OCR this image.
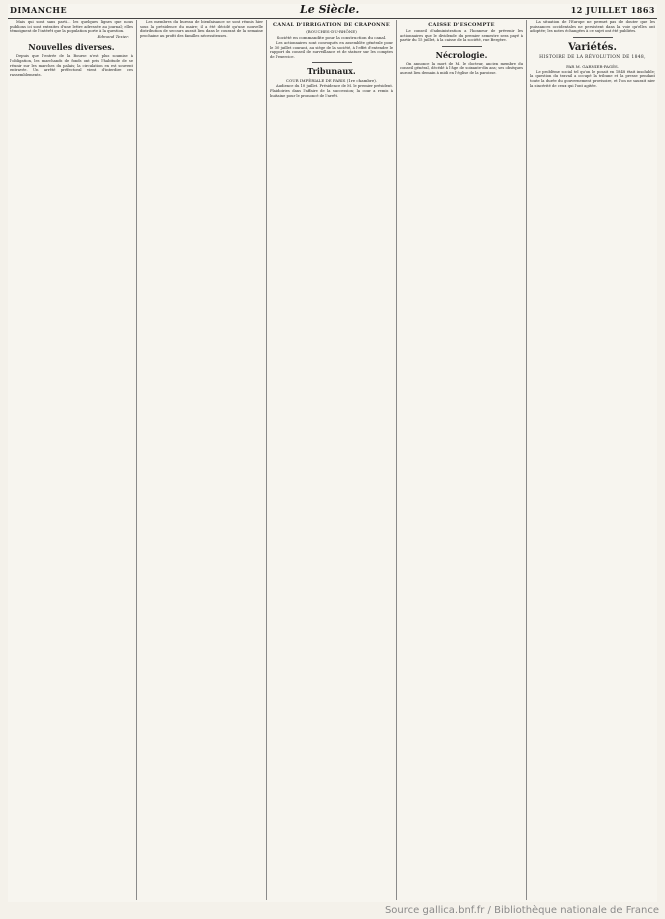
DIMANCHE	Le Siècle.	12 JUILLET 1863

Mais qui sont sans parti... les quelques lignes que nous publions ici sont extraites d'une lettre adressée au journal; elles témoignent de l'intérêt que la population porte à la question.

Edmond Texier.
Nouvelles diverses.

Depuis que l'entrée de la Bourse n'est plus soumise à l'obligation, les marchands de fonds ont pris l'habitude de se réunir sur les marches du palais; la circulation en est souvent entravée. Un arrêté préfectoral vient d'interdire ces rassemblements.

Les membres du bureau de bienfaisance se sont réunis hier sous la présidence du maire; il a été décidé qu'une nouvelle distribution de secours aurait lieu dans le courant de la semaine prochaine au profit des familles nécessiteuses.

CANAL D'IRRIGATION DE CRAPONNE
(BOUCHES-DU-RHÔNE)
Société en commandite pour la construction du canal.

Les actionnaires sont convoqués en assemblée générale pour le 30 juillet courant, au siège de la société, à l'effet d'entendre le rapport du conseil de surveillance et de statuer sur les comptes de l'exercice.

Tribunaux.
COUR IMPÉRIALE DE PARIS (1re chambre).

Audience du 10 juillet. Présidence de M. le premier président. Plaidoiries dans l'affaire de la succession; la cour a remis à huitaine pour le prononcé de l'arrêt.

CAISSE D'ESCOMPTE

Le conseil d'administration a l'honneur de prévenir les actionnaires que le dividende du premier semestre sera payé à partir du 15 juillet, à la caisse de la société, rue Bergère.

Nécrologie.

On annonce la mort de M. le docteur, ancien membre du conseil général, décédé à l'âge de soixante-dix ans; ses obsèques auront lieu demain à midi en l'église de la paroisse.

La situation de l'Europe ne permet pas de douter que les puissances occidentales ne persistent dans la voie qu'elles ont adoptée; les notes échangées à ce sujet ont été publiées.

Variétés.
HISTOIRE DE LA RÉVOLUTION DE 1848,
PAR M. GARNIER-PAGÈS.

Le problème social tel qu'on le posait en 1848 était insoluble; la question du travail a occupé la tribune et la presse pendant toute la durée du gouvernement provisoire, et l'on ne saurait nier la sincérité de ceux qui l'ont agitée.

Source gallica.bnf.fr / Bibliothèque nationale de France
